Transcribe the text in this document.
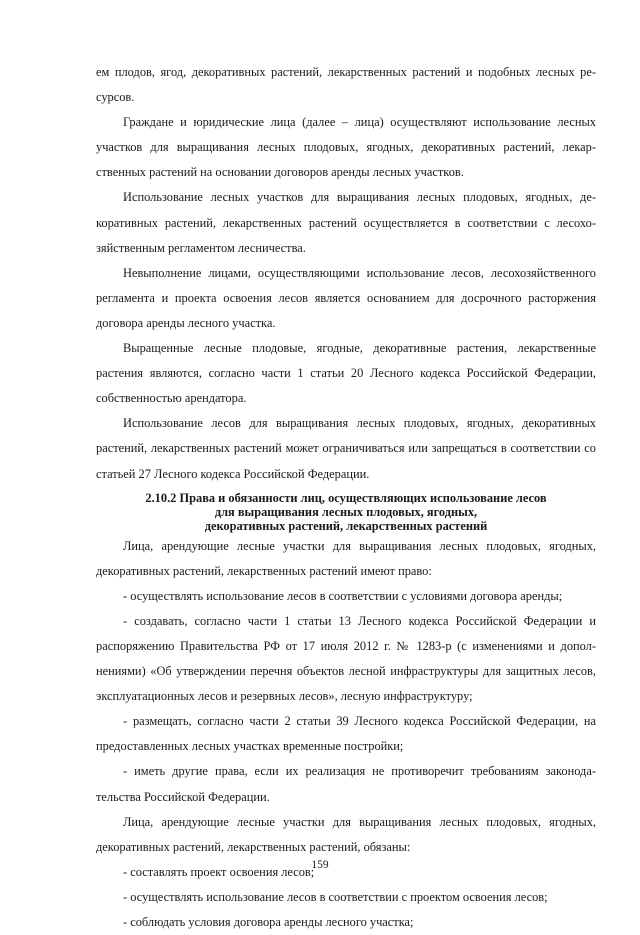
ем плодов, ягод, декоративных растений, лекарственных растений и подобных лесных ресурсов.

Граждане и юридические лица (далее – лица) осуществляют использование лесных участков для выращивания лесных плодовых, ягодных, декоративных растений, лекарственных растений на основании договоров аренды лесных участков.

Использование лесных участков для выращивания лесных плодовых, ягодных, декоративных растений, лекарственных растений осуществляется в соответствии с лесохозяйственным регламентом лесничества.

Невыполнение лицами, осуществляющими использование лесов, лесохозяйственного регламента и проекта освоения лесов является основанием для досрочного расторжения договора аренды лесного участка.

Выращенные лесные плодовые, ягодные, декоративные растения, лекарственные растения являются, согласно части 1 статьи 20 Лесного кодекса Российской Федерации, собственностью арендатора.

Использование лесов для выращивания лесных плодовых, ягодных, декоративных растений, лекарственных растений может ограничиваться или запрещаться в соответствии со статьей 27 Лесного кодекса Российской Федерации.

2.10.2 Права и обязанности лиц, осуществляющих использование лесов
для выращивания лесных плодовых, ягодных,
декоративных растений, лекарственных растений

Лица, арендующие лесные участки для выращивания лесных плодовых, ягодных, декоративных растений, лекарственных растений имеют право:

- осуществлять использование лесов в соответствии с условиями договора аренды;

- создавать, согласно части 1 статьи 13 Лесного кодекса Российской Федерации и распоряжению Правительства РФ от 17 июля 2012 г. № 1283-р (с изменениями и дополнениями) «Об утверждении перечня объектов лесной инфраструктуры для защитных лесов, эксплуатационных лесов и резервных лесов», лесную инфраструктуру;

- размещать, согласно части 2 статьи 39 Лесного кодекса Российской Федерации, на предоставленных лесных участках временные постройки;

- иметь другие права, если их реализация не противоречит требованиям законодательства Российской Федерации.

Лица, арендующие лесные участки для выращивания лесных плодовых, ягодных, декоративных растений, лекарственных растений, обязаны:

- составлять проект освоения лесов;

- осуществлять использование лесов в соответствии с проектом освоения лесов;

- соблюдать условия договора аренды лесного участка;

159
